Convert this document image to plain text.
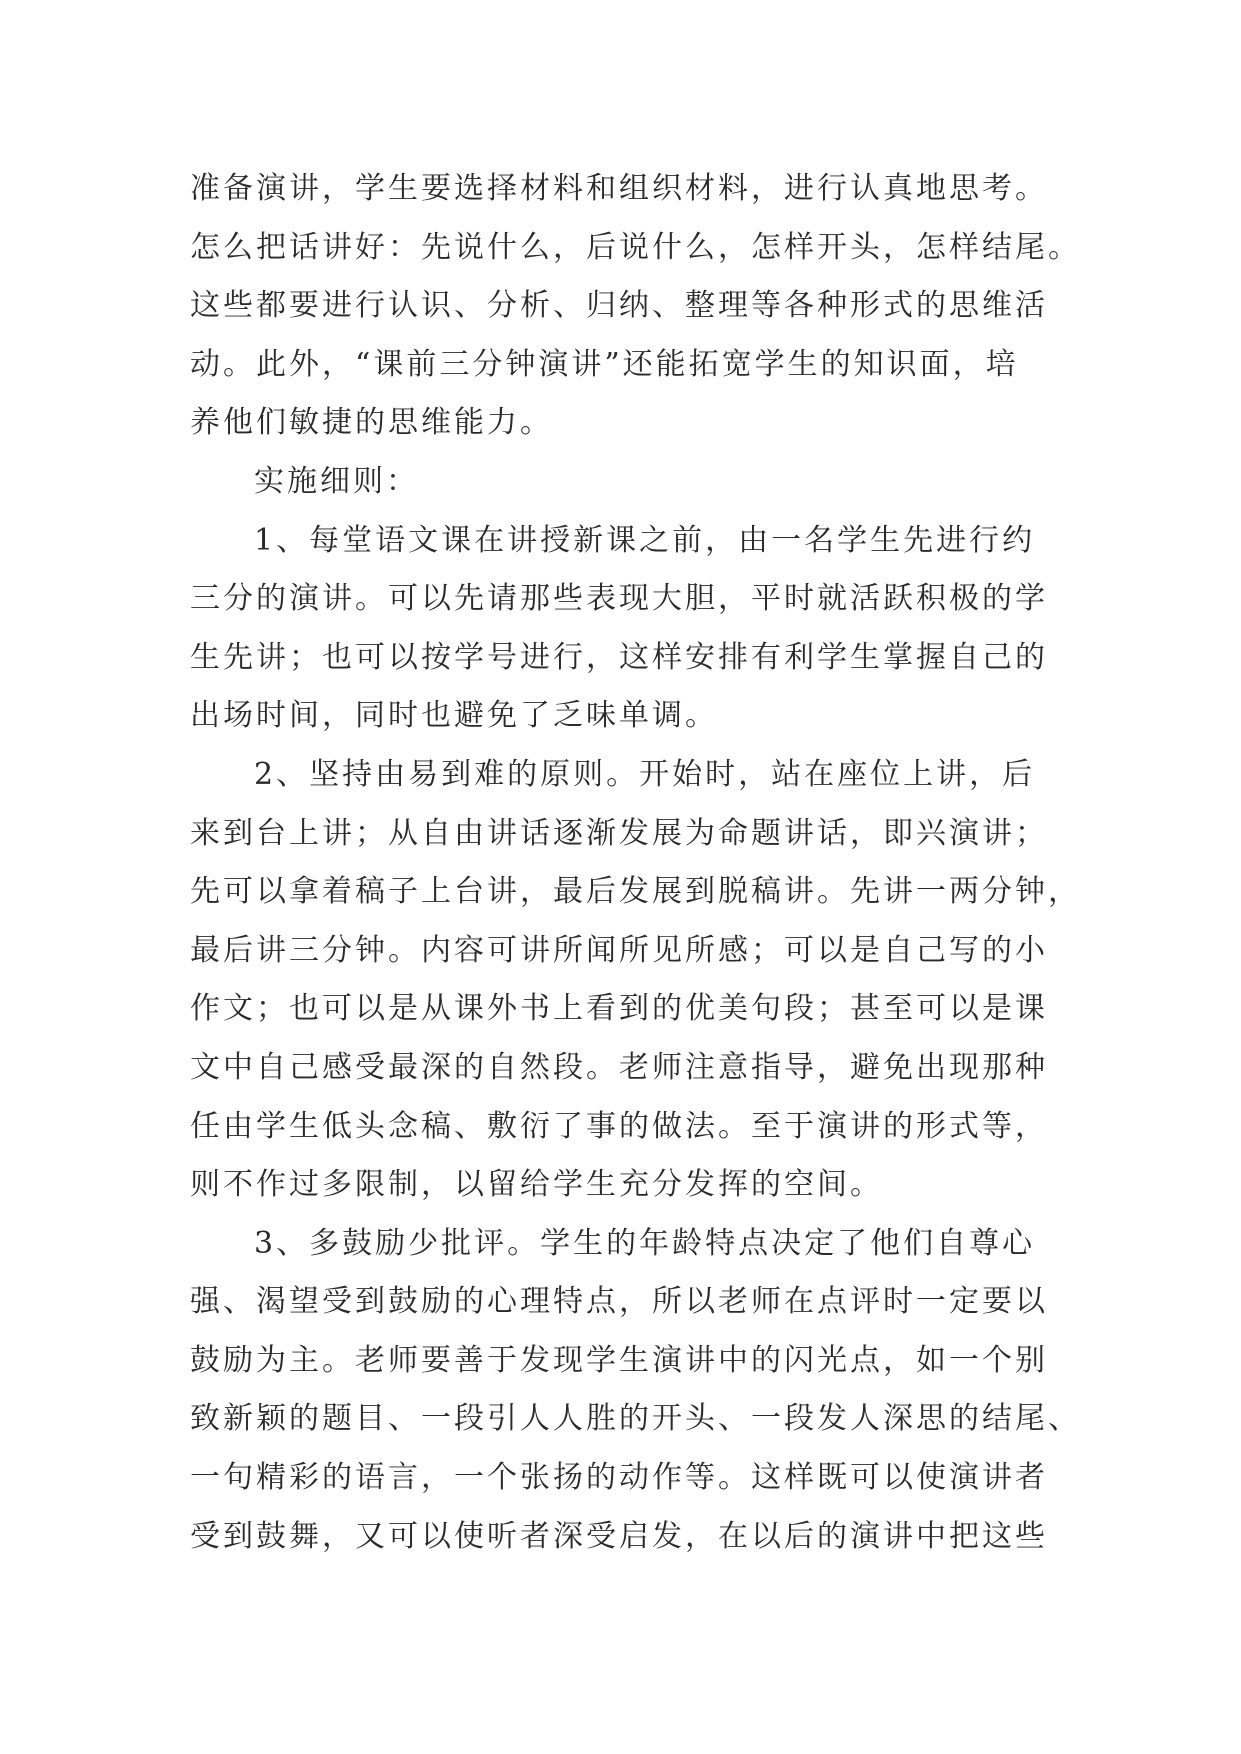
准备演讲，学生要选择材料和组织材料，进行认真地思考。
怎么把话讲好：先说什么，后说什么，怎样开头，怎样结尾。
这些都要进行认识、分析、归纳、整理等各种形式的思维活
动。此外，“课前三分钟演讲”还能拓宽学生的知识面，培
养他们敏捷的思维能力。
实施细则：
1、每堂语文课在讲授新课之前，由一名学生先进行约
三分的演讲。可以先请那些表现大胆，平时就活跃积极的学
生先讲；也可以按学号进行，这样安排有利学生掌握自己的
出场时间，同时也避免了乏味单调。
2、坚持由易到难的原则。开始时，站在座位上讲，后
来到台上讲；从自由讲话逐渐发展为命题讲话，即兴演讲；
先可以拿着稿子上台讲，最后发展到脱稿讲。先讲一两分钟，
最后讲三分钟。内容可讲所闻所见所感；可以是自己写的小
作文；也可以是从课外书上看到的优美句段；甚至可以是课
文中自己感受最深的自然段。老师注意指导，避免出现那种
任由学生低头念稿、敷衍了事的做法。至于演讲的形式等，
则不作过多限制，以留给学生充分发挥的空间。
3、多鼓励少批评。学生的年龄特点决定了他们自尊心
强、渴望受到鼓励的心理特点，所以老师在点评时一定要以
鼓励为主。老师要善于发现学生演讲中的闪光点，如一个别
致新颖的题目、一段引人人胜的开头、一段发人深思的结尾、
一句精彩的语言，一个张扬的动作等。这样既可以使演讲者
受到鼓舞，又可以使听者深受启发，在以后的演讲中把这些
